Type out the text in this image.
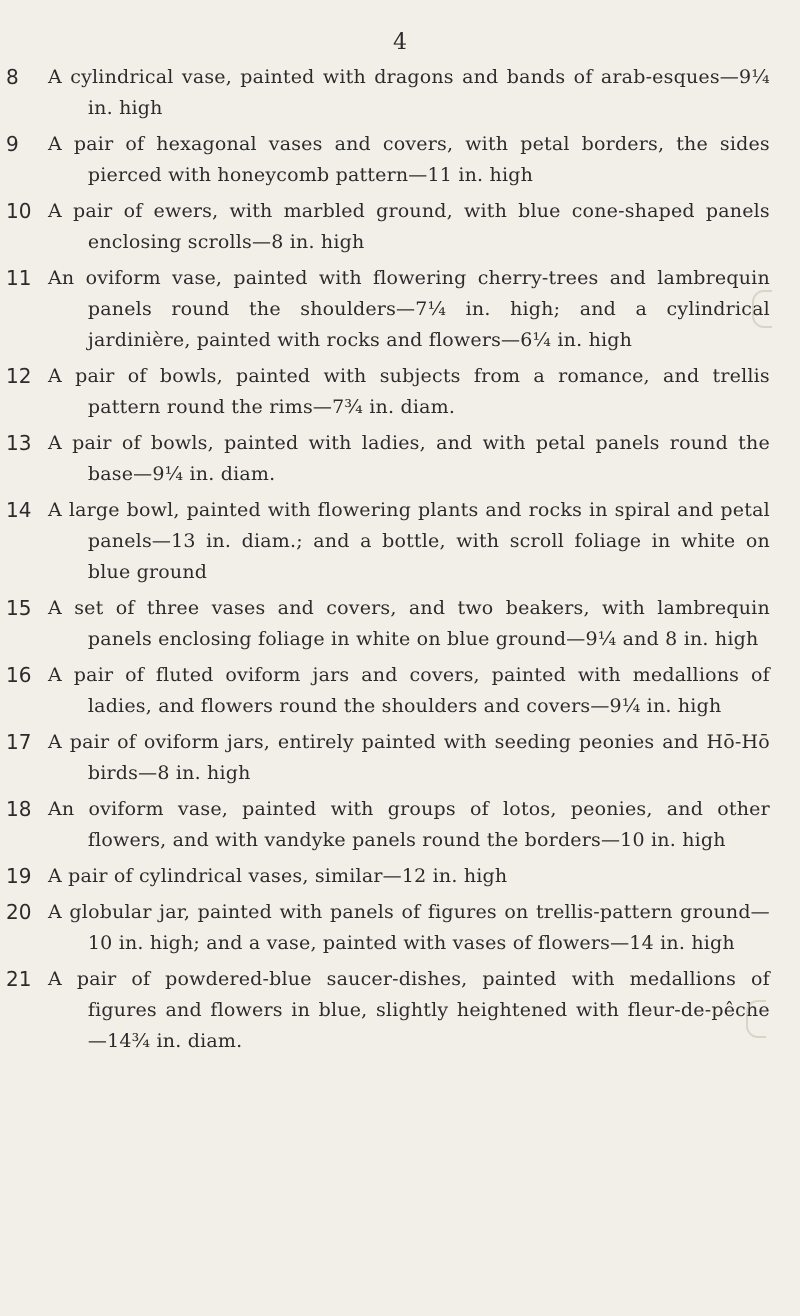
4
8	A cylindrical vase, painted with dragons and bands of arab-esques—9¼ in. high
9	A pair of hexagonal vases and covers, with petal borders, the sides pierced with honeycomb pattern—11 in. high
10 A pair of ewers, with marbled ground, with blue cone-shaped panels enclosing scrolls—8 in. high
11 An oviform vase, painted with flowering cherry-trees and lambrequin panels round the shoulders—7¼ in. high; and a cylindrical jardinière, painted with rocks and flowers—6¼ in. high
12 A pair of bowls, painted with subjects from a romance, and trellis pattern round the rims—7¾ in. diam.
13 A pair of bowls, painted with ladies, and with petal panels round the base—9¼ in. diam.
14 A large bowl, painted with flowering plants and rocks in spiral and petal panels—13 in. diam.; and a bottle, with scroll foliage in white on blue ground
15 A set of three vases and covers, and two beakers, with lambrequin panels enclosing foliage in white on blue ground—9¼ and 8 in. high
16 A pair of fluted oviform jars and covers, painted with medallions of ladies, and flowers round the shoulders and covers—9¼ in. high
17 A pair of oviform jars, entirely painted with seeding peonies and Hō-Hō birds—8 in. high
18 An oviform vase, painted with groups of lotos, peonies, and other flowers, and with vandyke panels round the borders—10 in. high
19 A pair of cylindrical vases, similar—12 in. high
20 A globular jar, painted with panels of figures on trellis-pattern ground—10 in. high; and a vase, painted with vases of flowers—14 in. high
21 A pair of powdered-blue saucer-dishes, painted with medallions of figures and flowers in blue, slightly heightened with fleur-de-pêche—14¾ in. diam.
